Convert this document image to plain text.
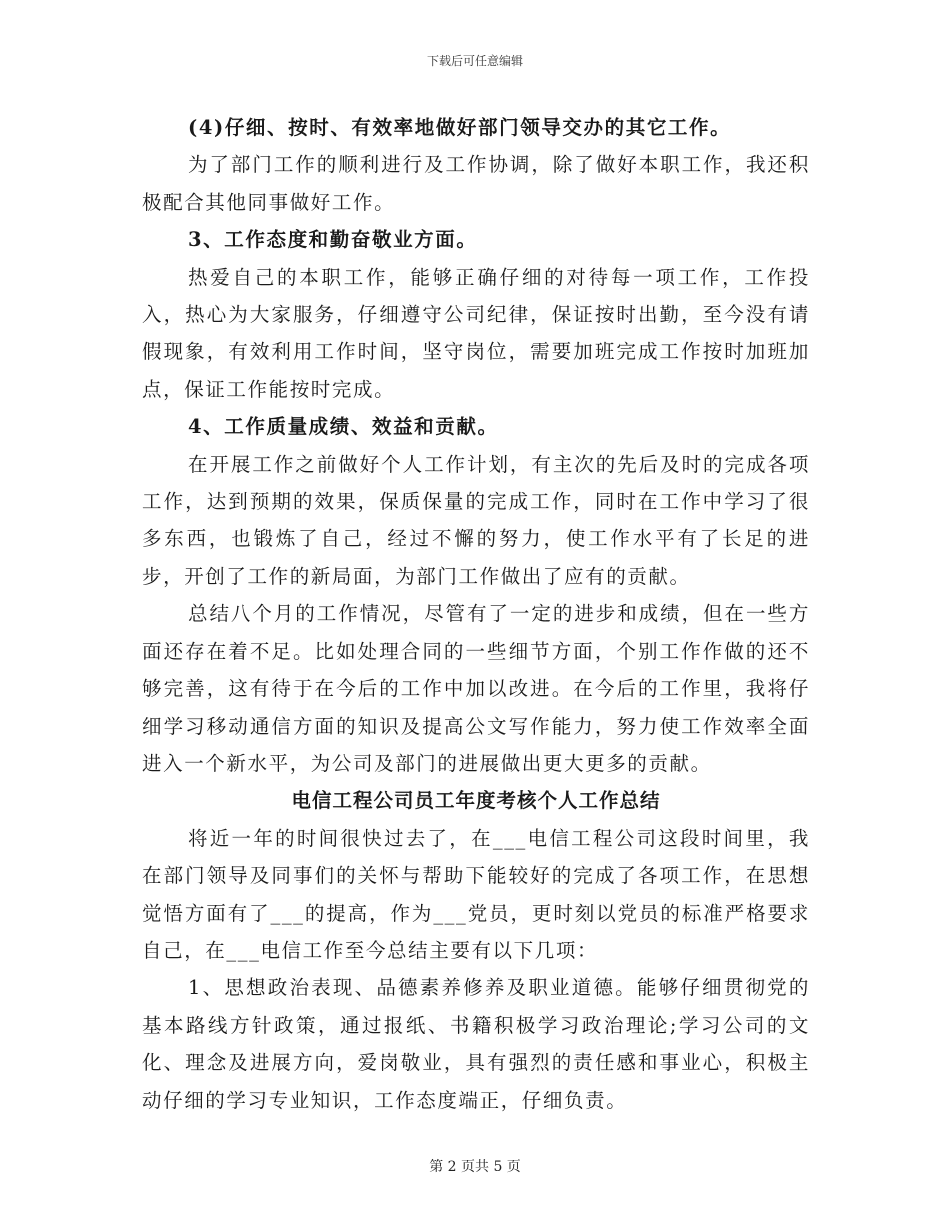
下载后可任意编辑

(4)仔细、按时、有效率地做好部门领导交办的其它工作。

为了部门工作的顺利进行及工作协调，除了做好本职工作，我还积极配合其他同事做好工作。

3、工作态度和勤奋敬业方面。

热爱自己的本职工作，能够正确仔细的对待每一项工作，工作投入，热心为大家服务，仔细遵守公司纪律，保证按时出勤，至今没有请假现象，有效利用工作时间，坚守岗位，需要加班完成工作按时加班加点，保证工作能按时完成。

4、工作质量成绩、效益和贡献。

在开展工作之前做好个人工作计划，有主次的先后及时的完成各项工作，达到预期的效果，保质保量的完成工作，同时在工作中学习了很多东西，也锻炼了自己，经过不懈的努力，使工作水平有了长足的进步，开创了工作的新局面，为部门工作做出了应有的贡献。

总结八个月的工作情况，尽管有了一定的进步和成绩，但在一些方面还存在着不足。比如处理合同的一些细节方面，个别工作作做的还不够完善，这有待于在今后的工作中加以改进。在今后的工作里，我将仔细学习移动通信方面的知识及提高公文写作能力，努力使工作效率全面进入一个新水平，为公司及部门的进展做出更大更多的贡献。

电信工程公司员工年度考核个人工作总结

将近一年的时间很快过去了，在___电信工程公司这段时间里，我在部门领导及同事们的关怀与帮助下能较好的完成了各项工作，在思想觉悟方面有了___的提高，作为___党员，更时刻以党员的标准严格要求自己，在___电信工作至今总结主要有以下几项：

1、思想政治表现、品德素养修养及职业道德。能够仔细贯彻党的基本路线方针政策，通过报纸、书籍积极学习政治理论;学习公司的文化、理念及进展方向，爱岗敬业，具有强烈的责任感和事业心，积极主动仔细的学习专业知识，工作态度端正，仔细负责。

第 2 页共 5 页
